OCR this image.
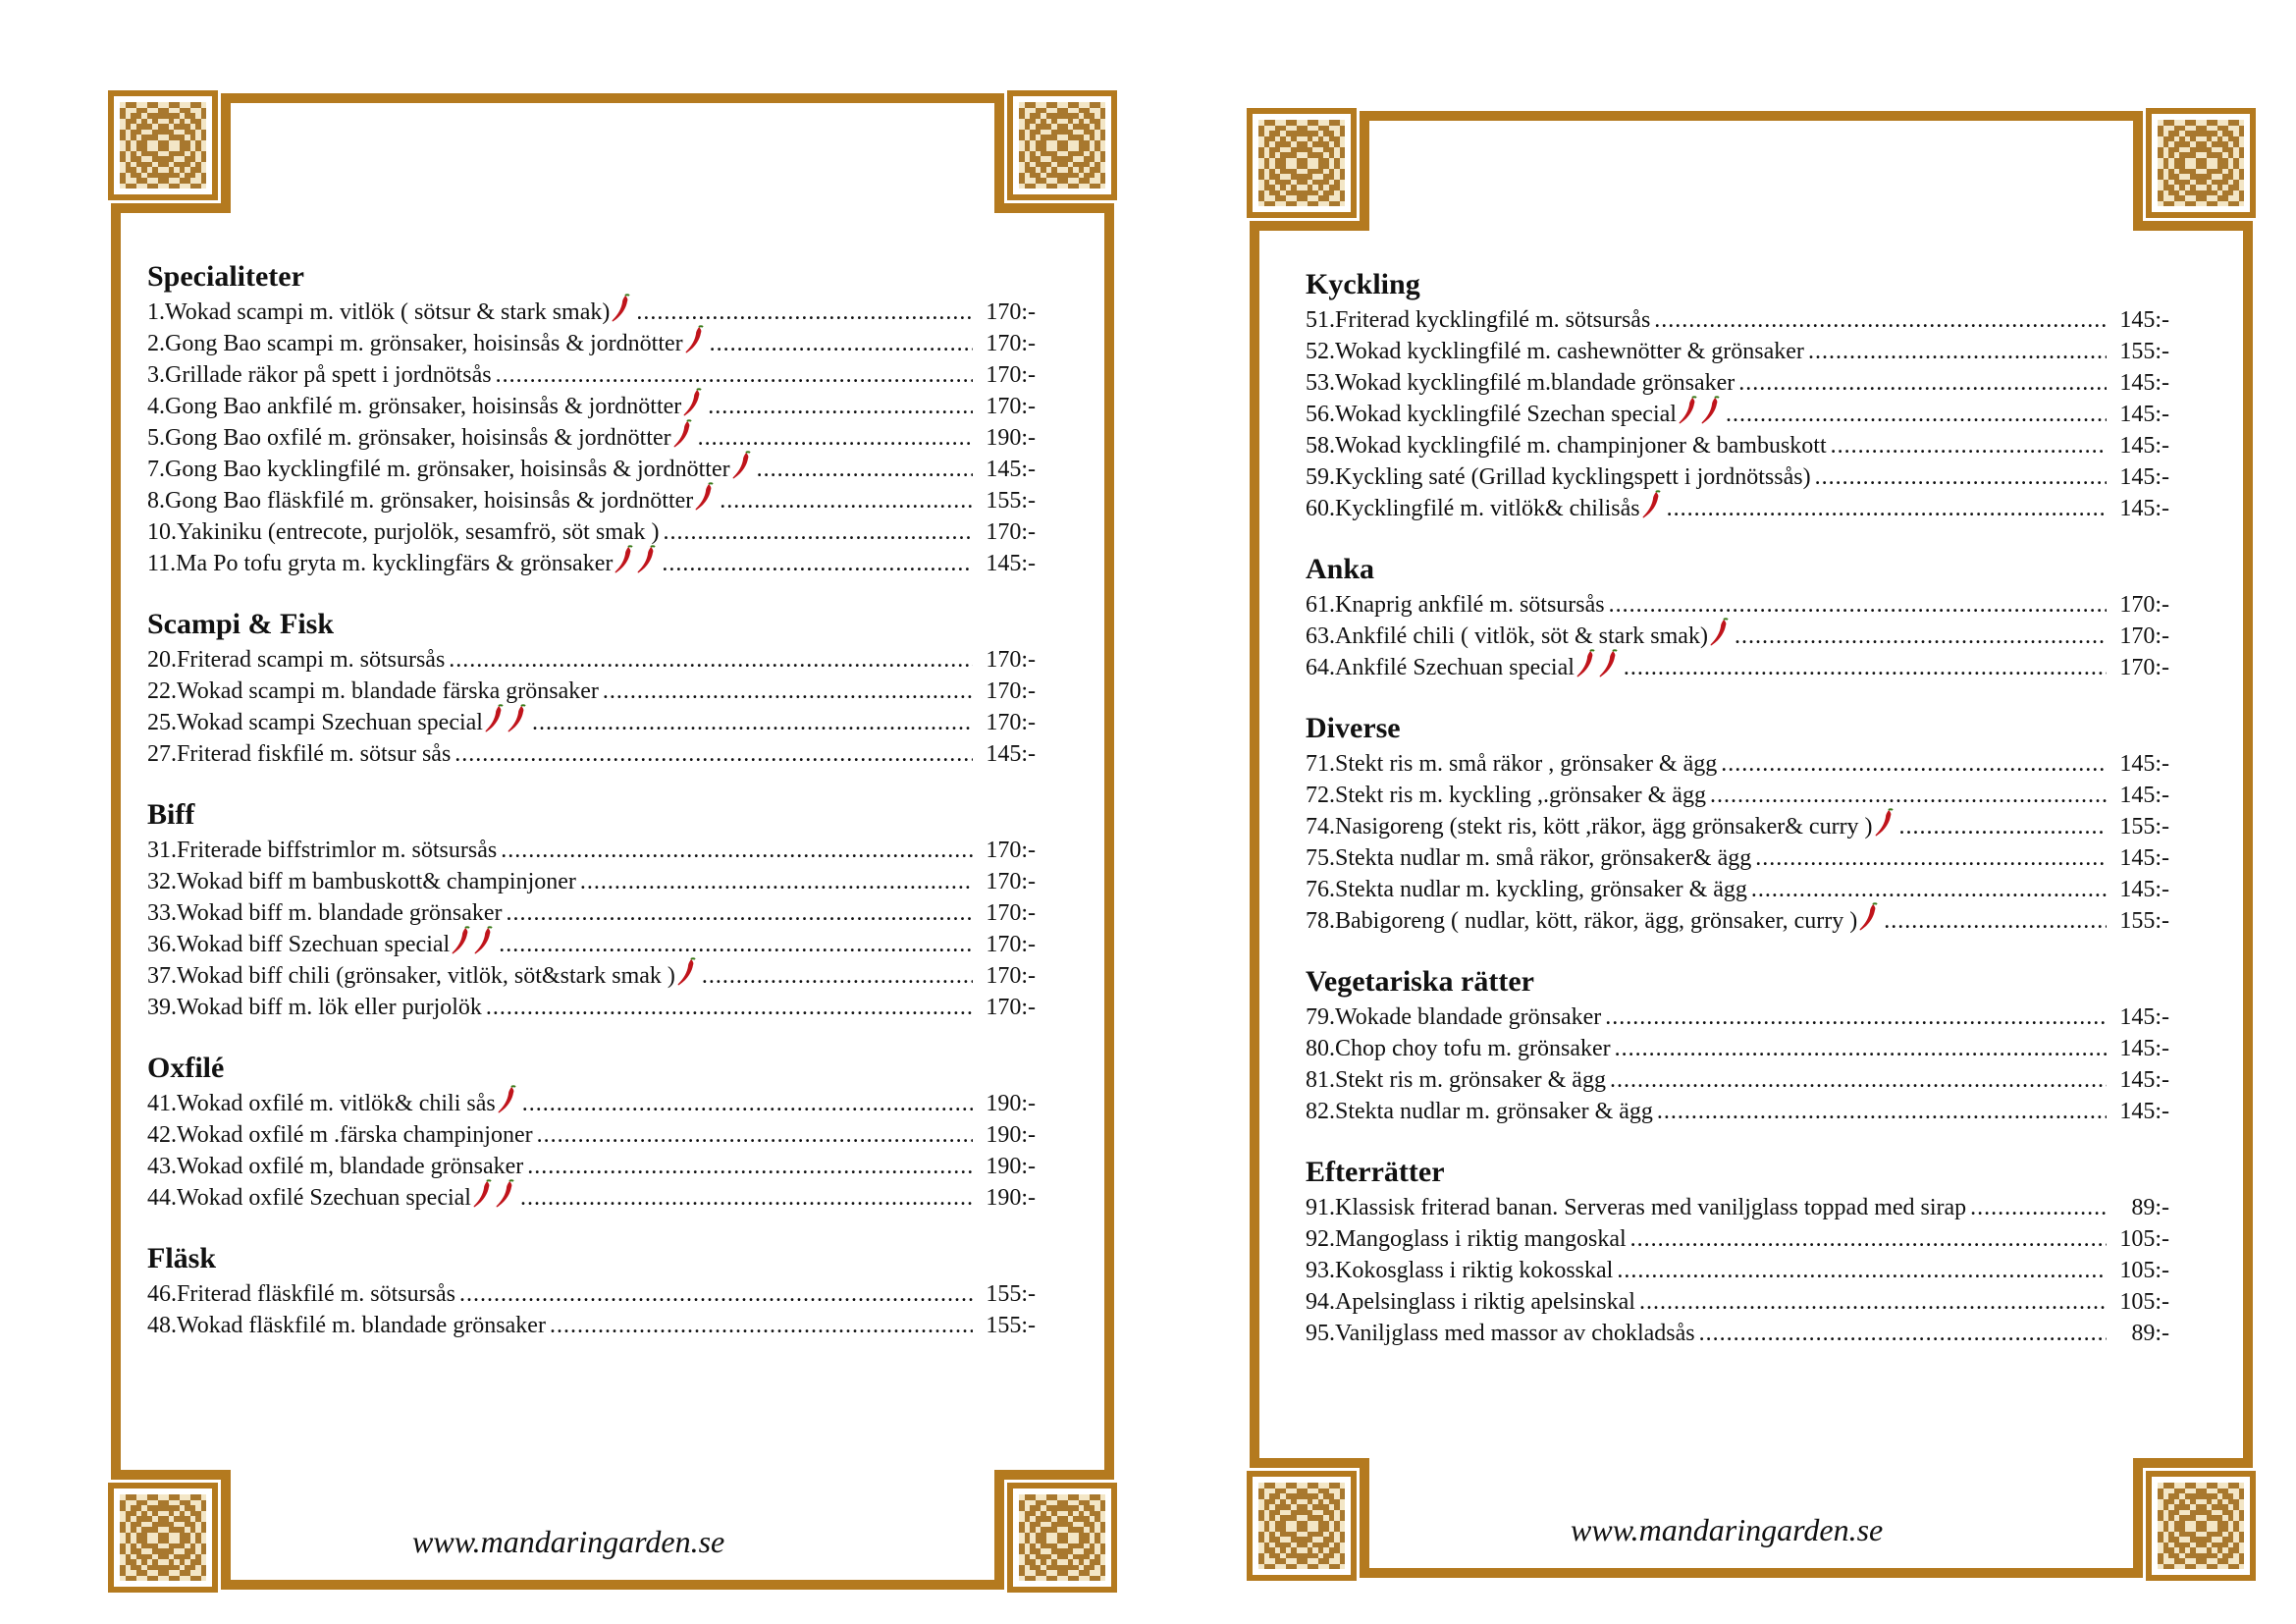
Specialiteter
1. Wokad scampi m. vitlök ( sötsur & stark smak) .....	170:-
2. Gong Bao scampi m. grönsaker, hoisinsås & jordnötter .....	170:-
3. Grillade räkor på spett i jordnötsås .....	170:-
4. Gong Bao ankfilé m. grönsaker, hoisinsås & jordnötter .....	170:-
5. Gong Bao oxfilé m. grönsaker, hoisinsås & jordnötter .....	190:-
7. Gong Bao kycklingfilé m. grönsaker, hoisinsås & jordnötter .....	145:-
8. Gong Bao fläskfilé m. grönsaker, hoisinsås & jordnötter .....	155:-
10. Yakiniku (entrecote, purjolök, sesamfrö, söt smak ) .....	170:-
11. Ma Po tofu gryta m. kycklingfärs & grönsaker .....	145:-
Scampi & Fisk
20. Friterad scampi m. sötsursås .....	170:-
22. Wokad scampi m. blandade färska grönsaker .....	170:-
25. Wokad scampi Szechuan special .....	170:-
27. Friterad fiskfilé m. sötsur sås .....	145:-
Biff
31. Friterade biffstrimlor m. sötsursås .....	170:-
32. Wokad biff m bambuskott& champinjoner .....	170:-
33. Wokad biff m. blandade grönsaker .....	170:-
36. Wokad biff Szechuan special .....	170:-
37. Wokad biff chili (grönsaker, vitlök, söt&stark smak ) .....	170:-
39. Wokad biff m. lök eller purjolök .....	170:-
Oxfilé
41. Wokad oxfilé m. vitlök& chili sås .....	190:-
42. Wokad oxfilé m .färska champinjoner .....	190:-
43. Wokad oxfilé m, blandade grönsaker .....	190:-
44. Wokad oxfilé Szechuan special .....	190:-
Fläsk
46. Friterad fläskfilé m. sötsursås .....	155:-
48. Wokad fläskfilé m. blandade grönsaker .....	155:-
www.mandaringarden.se
Kyckling
51. Friterad kycklingfilé m. sötsursås .....	145:-
52. Wokad kycklingfilé m. cashewnötter & grönsaker .....	155:-
53. Wokad kycklingfilé m.blandade grönsaker .....	145:-
56. Wokad kycklingfilé Szechan special .....	145:-
58. Wokad kycklingfilé m. champinjoner & bambuskott .....	145:-
59. Kyckling saté (Grillad kycklingspett i jordnötssås) .....	145:-
60. Kycklingfilé m. vitlök& chilisås .....	145:-
Anka
61. Knaprig ankfilé m. sötsursås .....	170:-
63. Ankfilé chili ( vitlök, söt & stark smak) .....	170:-
64. Ankfilé Szechuan special .....	170:-
Diverse
71. Stekt ris m. små räkor , grönsaker & ägg .....	145:-
72. Stekt ris m. kyckling ,.grönsaker & ägg .....	145:-
74. Nasigoreng (stekt ris, kött ,räkor, ägg grönsaker& curry ) .....	155:-
75. Stekta nudlar m. små räkor, grönsaker& ägg .....	145:-
76. Stekta nudlar m. kyckling, grönsaker & ägg .....	145:-
78. Babigoreng ( nudlar, kött, räkor, ägg, grönsaker, curry ) .....	155:-
Vegetariska rätter
79. Wokade blandade grönsaker .....	145:-
80. Chop choy tofu m. grönsaker .....	145:-
81. Stekt ris m. grönsaker & ägg .....	145:-
82. Stekta nudlar m. grönsaker & ägg .....	145:-
Efterrätter
91. Klassisk friterad banan. Serveras med vaniljglass toppad med sirap .....	89:-
92. Mangoglass i riktig mangoskal .....	105:-
93. Kokosglass i riktig kokosskal .....	105:-
94. Apelsinglass i riktig apelsinskal .....	105:-
95. Vaniljglass med massor av chokladsås .....	89:-
www.mandaringarden.se
